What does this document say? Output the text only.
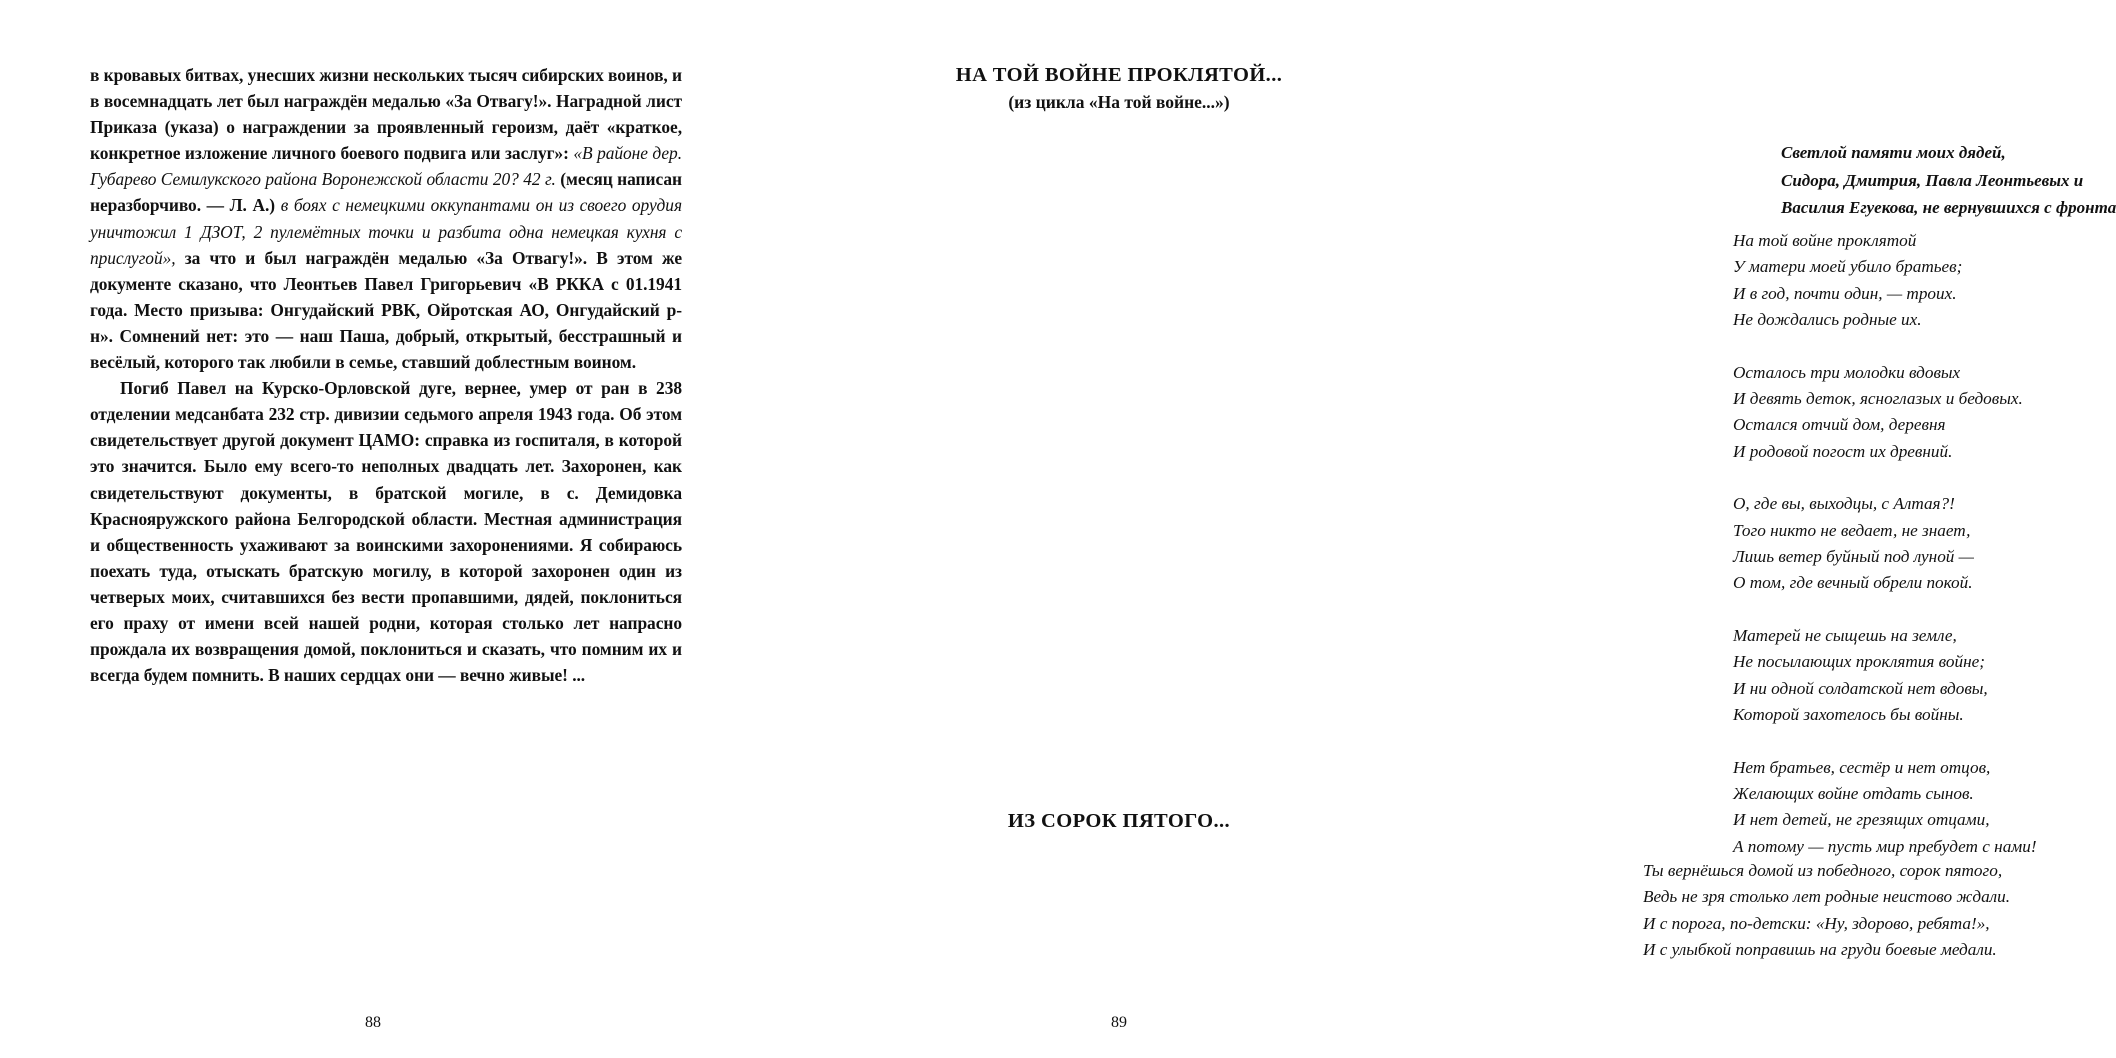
в кровавых битвах, унесших жизни нескольких тысяч сибирских воинов, и в восемнадцать лет был награждён медалью «За Отвагу!». Наградной лист Приказа (указа) о награждении за проявленный героизм, даёт «краткое, конкретное изложение личного боевого подвига или заслуг»: «В районе дер. Губарево Семилукского района Воронежской области 20? 42 г. (месяц написан неразборчиво. — Л. А.) в боях с немецкими оккупантами он из своего орудия уничтожил 1 ДЗОТ, 2 пулемётных точки и разбита одна немецкая кухня с прислугой», за что и был награждён медалью «За Отвагу!». В этом же документе сказано, что Леонтьев Павел Григорьевич «В РККА с 01.1941 года. Место призыва: Онгудайский РВК, Ойротская АО, Онгудайский р-н». Сомнений нет: это — наш Паша, добрый, открытый, бесстрашный и весёлый, которого так любили в семье, ставший доблестным воином.

Погиб Павел на Курско-Орловской дуге, вернее, умер от ран в 238 отделении медсанбата 232 стр. дивизии седьмого апреля 1943 года. Об этом свидетельствует другой документ ЦАМО: справка из госпиталя, в которой это значится. Было ему всего-то неполных двадцать лет. Захоронен, как свидетельствуют документы, в братской могиле, в с. Демидовка Краснояружского района Белгородской области. Местная администрация и общественность ухаживают за воинскими захоронениями. Я собираюсь поехать туда, отыскать братскую могилу, в которой захоронен один из четверых моих, считавшихся без вести пропавшими, дядей, поклониться его праху от имени всей нашей родни, которая столько лет напрасно прождала их возвращения домой, поклониться и сказать, что помним их и всегда будем помнить. В наших сердцах они — вечно живые! ...

88
НА ТОЙ ВОЙНЕ ПРОКЛЯТОЙ...

(из цикла «На той войне...»)

Светлой памяти моих дядей,
Сидора, Дмитрия, Павла Леонтьевых и
Василия Егуекова, не вернувшихся с фронта
На той войне проклятой
У матери моей убило братьев;
И в год, почти один, — троих.
Не дождались родные их.
Осталось три молодки вдовых
И девять деток, ясноглазых и бедовых.
Остался отчий дом, деревня
И родовой погост их древний.
О, где вы, выходцы, с Алтая?!
Того никто не ведает, не знает,
Лишь ветер буйный под луной —
О том, где вечный обрели покой.
Матерей не сыщешь на земле,
Не посылающих проклятия войне;
И ни одной солдатской нет вдовы,
Которой захотелось бы войны.
Нет братьев, сестёр и нет отцов,
Желающих войне отдать сынов.
И нет детей, не грезящих отцами,
А потому — пусть мир пребудет с нами!
ИЗ СОРОК ПЯТОГО...
Ты вернёшься домой из победного, сорок пятого,
Ведь не зря столько лет родные неистово ждали.
И с порога, по-детски: «Ну, здорово, ребята!»,
И с улыбкой поправишь на груди боевые медали.
89
